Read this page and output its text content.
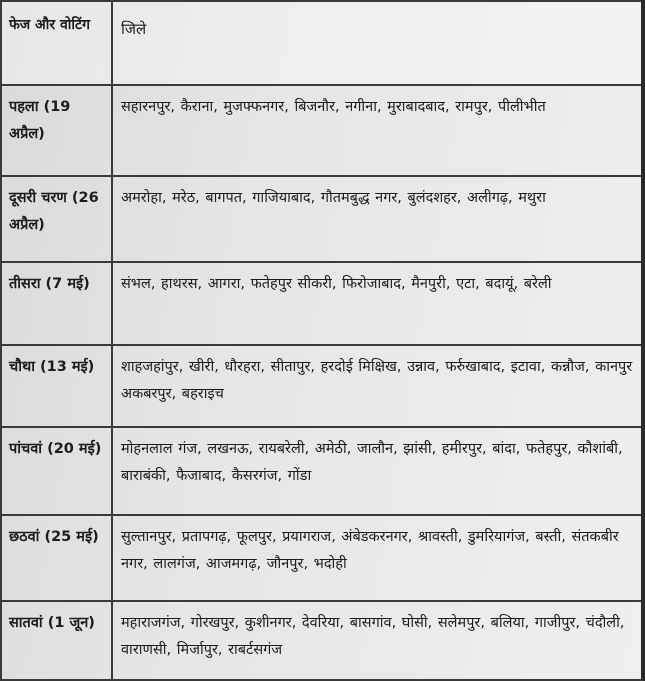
फेज और वोटिंग	जिले
पहला (19 अप्रैल)	सहारनपुर, कैराना, मुजफ्फनगर, बिजनौर, नगीना, मुराबादबाद, रामपुर, पीलीभीत
दूसरी चरण (26 अप्रैल)	अमरोहा, मरेठ, बागपत, गाजियाबाद, गौतमबुद्ध नगर, बुलंदशहर, अलीगढ़, मथुरा
तीसरा (7 मई)	संभल, हाथरस, आगरा, फतेहपुर सीकरी, फिरोजाबाद, मैनपुरी, एटा, बदायूं, बरेली
चौथा (13 मई)	शाहजहांपुर, खीरी, धौरहरा, सीतापुर, हरदोई मिक्षिख, उन्नाव, फर्रुखाबाद, इटावा, कन्नौज, कानपुर अकबरपुर, बहराइच
पांचवां (20 मई)	मोहनलाल गंज, लखनऊ, रायबरेली, अमेठी, जालौन, झांसी, हमीरपुर, बांदा, फतेहपुर, कौशांबी, बाराबंकी, फैजाबाद, कैसरगंज, गोंडा
छठवां (25 मई)	सुल्तानपुर, प्रतापगढ़, फूलपुर, प्रयागराज, अंबेडकरनगर, श्रावस्ती, डुमरियागंज, बस्ती, संतकबीर नगर, लालगंज, आजमगढ़, जौनपुर, भदोही
सातवां (1 जून)	महाराजगंज, गोरखपुर, कुशीनगर, देवरिया, बासगांव, घोसी, सलेमपुर, बलिया, गाजीपुर, चंदौली, वाराणसी, मिर्जापुर, राबर्टसगंज
